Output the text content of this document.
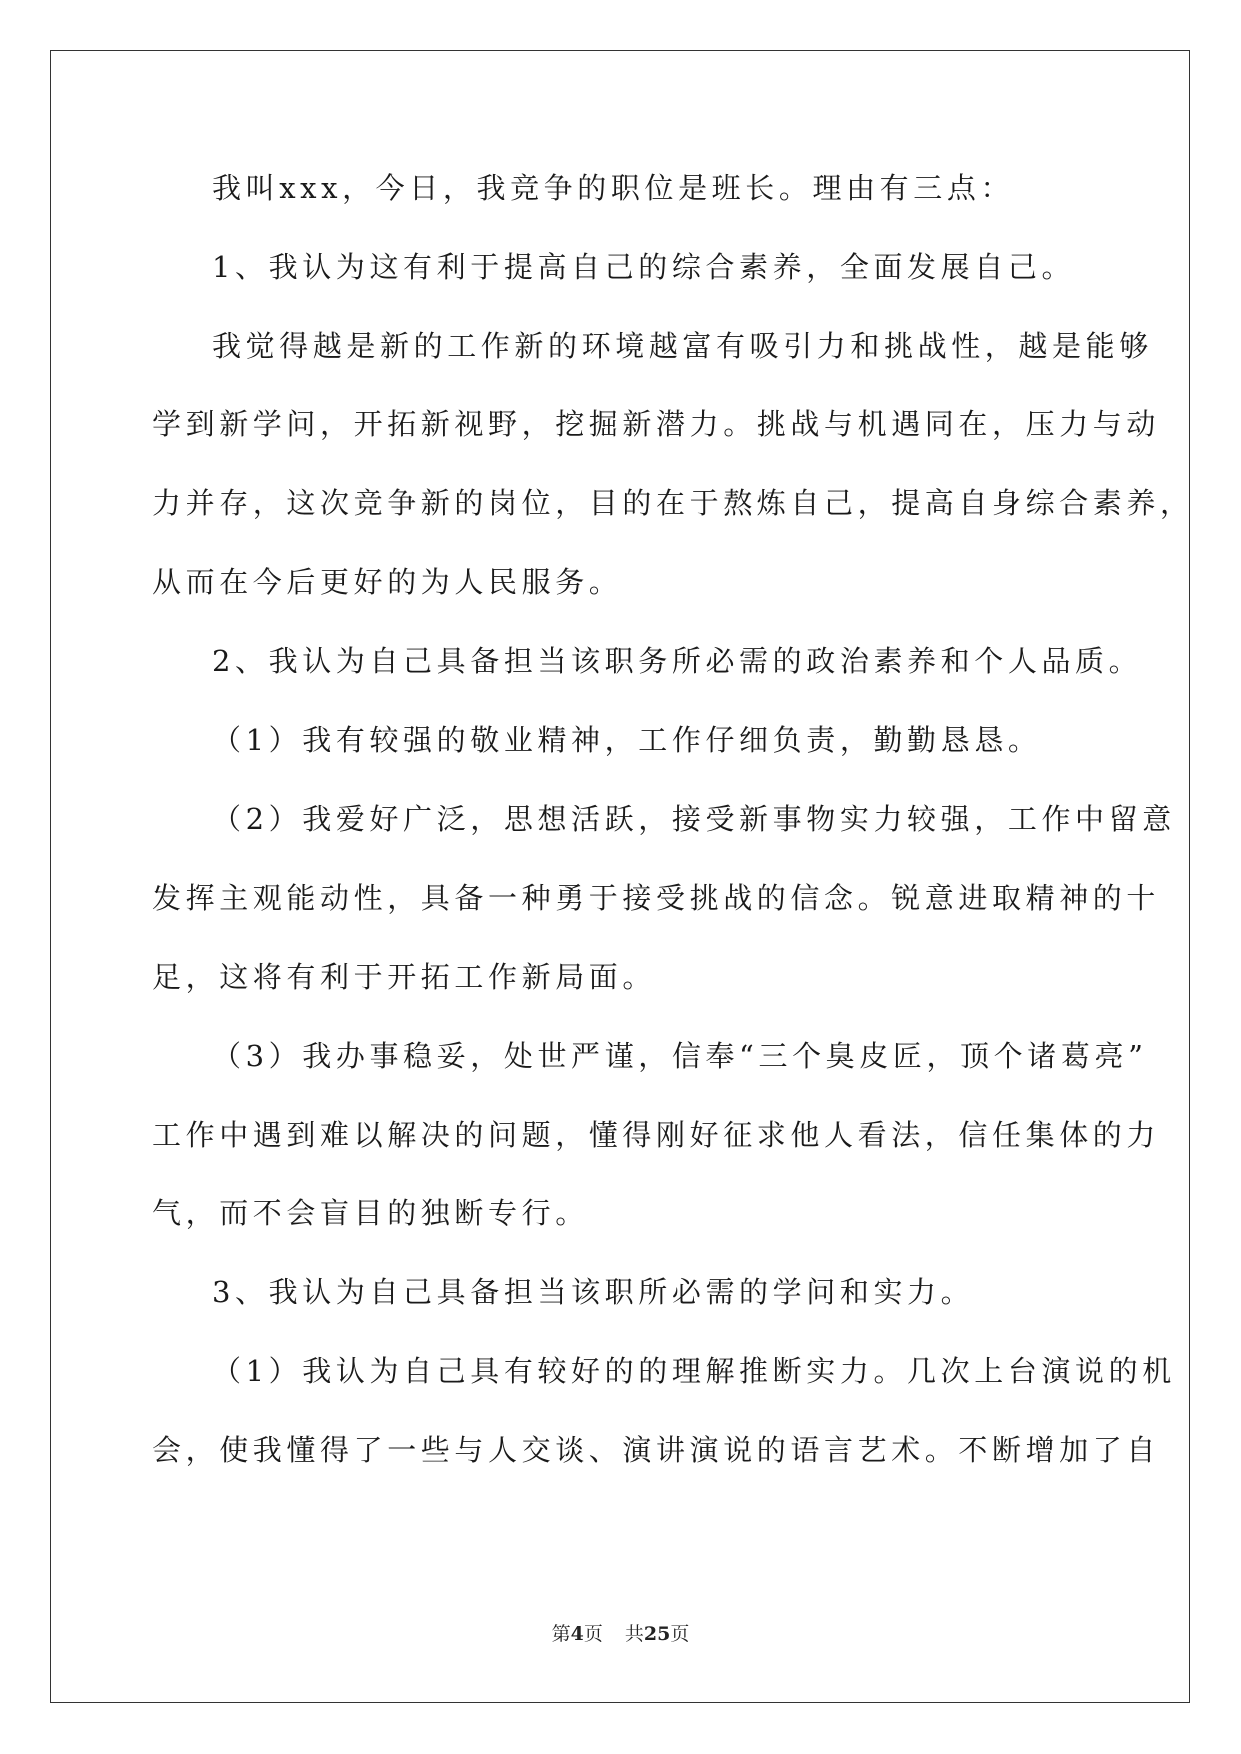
我叫xxx，今日，我竞争的职位是班长。理由有三点：
1、我认为这有利于提高自己的综合素养，全面发展自己。
我觉得越是新的工作新的环境越富有吸引力和挑战性，越是能够
学到新学问，开拓新视野，挖掘新潜力。挑战与机遇同在，压力与动
力并存，这次竞争新的岗位，目的在于熬炼自己，提高自身综合素养，
从而在今后更好的为人民服务。
2、我认为自己具备担当该职务所必需的政治素养和个人品质。
（1）我有较强的敬业精神，工作仔细负责，勤勤恳恳。
（2）我爱好广泛，思想活跃，接受新事物实力较强，工作中留意
发挥主观能动性，具备一种勇于接受挑战的信念。锐意进取精神的十
足，这将有利于开拓工作新局面。
（3）我办事稳妥，处世严谨，信奉“三个臭皮匠，顶个诸葛亮”
工作中遇到难以解决的问题，懂得刚好征求他人看法，信任集体的力
气，而不会盲目的独断专行。
3、我认为自己具备担当该职所必需的学问和实力。
（1）我认为自己具有较好的的理解推断实力。几次上台演说的机
会，使我懂得了一些与人交谈、演讲演说的语言艺术。不断增加了自
第4页 共25页
